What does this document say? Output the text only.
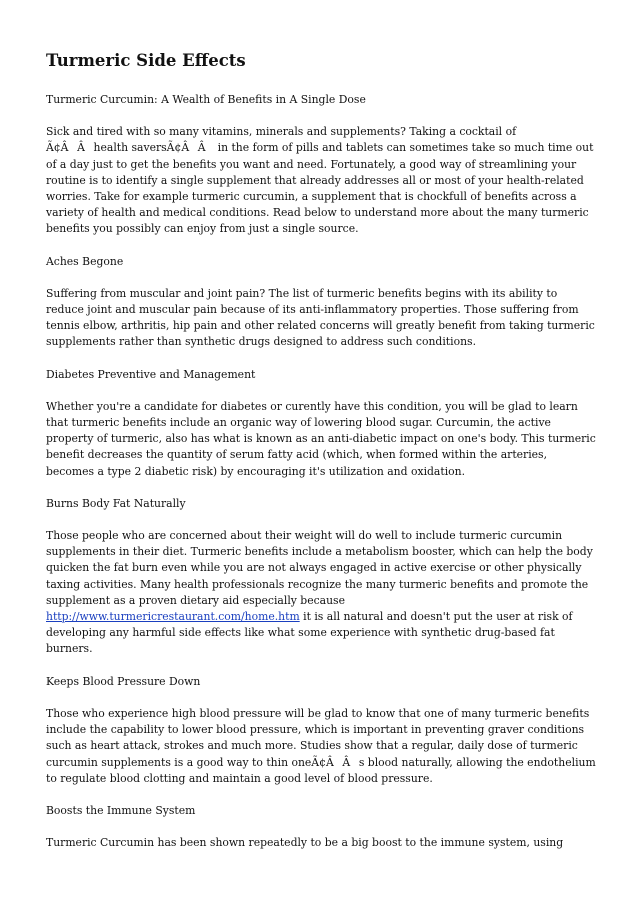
Turmeric Side Effects

Turmeric Curcumin: A Wealth of Benefits in A Single Dose

Sick and tired with so many vitamins, minerals and supplements? Taking a cocktail of Ã¢ÂÂhealth saversÃ¢ÂÂ in the form of pills and tablets can sometimes take so much time out of a day just to get the benefits you want and need. Fortunately, a good way of streamlining your routine is to identify a single supplement that already addresses all or most of your health-related worries. Take for example turmeric curcumin, a supplement that is chockfull of benefits across a variety of health and medical conditions. Read below to understand more about the many turmeric benefits you possibly can enjoy from just a single source.

Aches Begone

Suffering from muscular and joint pain? The list of turmeric benefits begins with its ability to reduce joint and muscular pain because of its anti-inflammatory properties. Those suffering from tennis elbow, arthritis, hip pain and other related concerns will greatly benefit from taking turmeric supplements rather than synthetic drugs designed to address such conditions.

Diabetes Preventive and Management

Whether you're a candidate for diabetes or curently have this condition, you will be glad to learn that turmeric benefits include an organic way of lowering blood sugar. Curcumin, the active property of turmeric, also has what is known as an anti-diabetic impact on one's body. This turmeric benefit decreases the quantity of serum fatty acid (which, when formed within the arteries, becomes a type 2 diabetic risk) by encouraging it's utilization and oxidation.

Burns Body Fat Naturally

Those people who are concerned about their weight will do well to include turmeric curcumin supplements in their diet. Turmeric benefits include a metabolism booster, which can help the body quicken the fat burn even while you are not always engaged in active exercise or other physically taxing activities. Many health professionals recognize the many turmeric benefits and promote the supplement as a proven dietary aid especially because
http://www.turmericrestaurant.com/home.htm it is all natural and doesn't put the user at risk of developing any harmful side effects like what some experience with synthetic drug-based fat burners.

Keeps Blood Pressure Down

Those who experience high blood pressure will be glad to know that one of many turmeric benefits include the capability to lower blood pressure, which is important in preventing graver conditions such as heart attack, strokes and much more. Studies show that a regular, daily dose of turmeric curcumin supplements is a good way to thin oneÃ¢ÂÂs blood naturally, allowing the endothelium to regulate blood clotting and maintain a good level of blood pressure.

Boosts the Immune System

Turmeric Curcumin has been shown repeatedly to be a big boost to the immune system, using
